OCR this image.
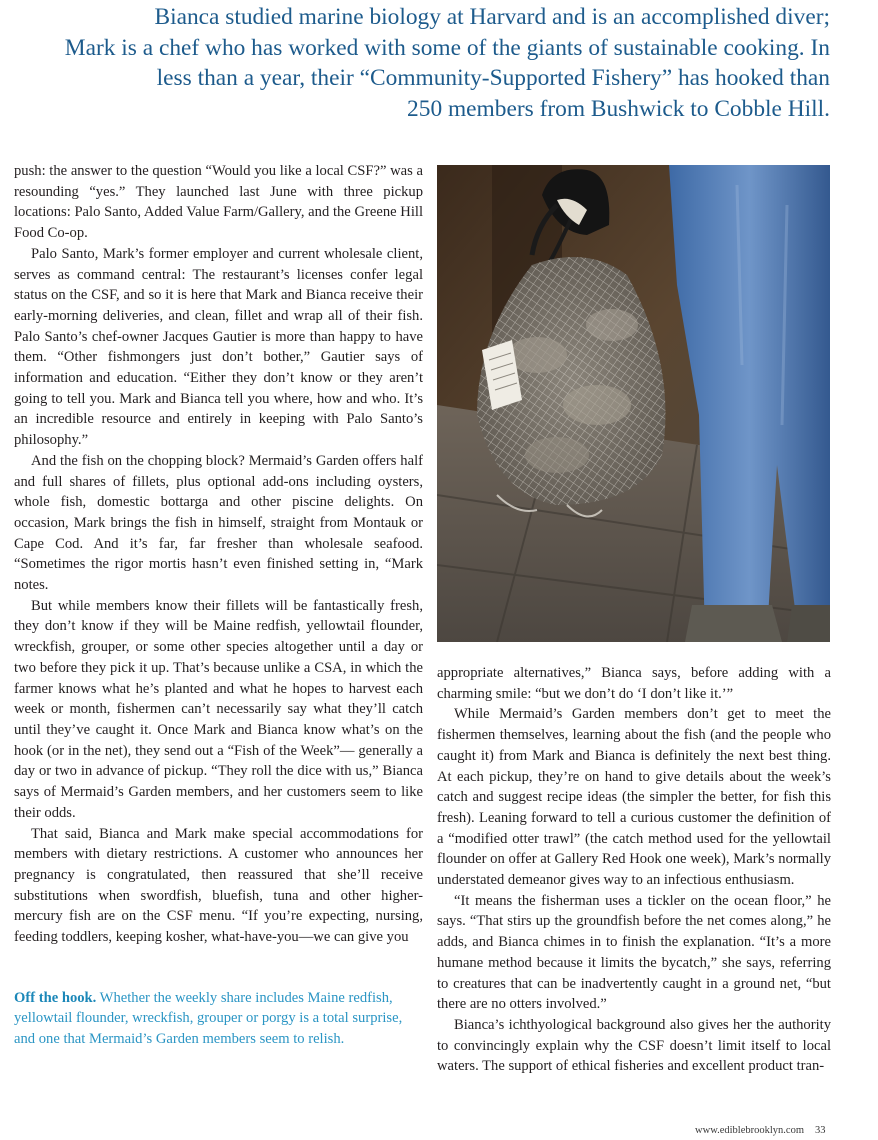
Bianca studied marine biology at Harvard and is an accomplished diver;
Mark is a chef who has worked with some of the giants of sustainable cooking. In
less than a year, their “Community-Supported Fishery” has hooked than
250 members from Bushwick to Cobble Hill.

push: the answer to the question “Would you like a local CSF?” was a resounding “yes.” They launched last June with three pickup locations: Palo Santo, Added Value Farm/Gallery, and the Greene Hill Food Co-op.

Palo Santo, Mark’s former employer and current wholesale client, serves as command central: The restaurant’s licenses confer legal status on the CSF, and so it is here that Mark and Bianca receive their early-morning deliveries, and clean, fillet and wrap all of their fish. Palo Santo’s chef-owner Jacques Gautier is more than happy to have them. “Other fishmongers just don’t bother,” Gautier says of information and education. “Either they don’t know or they aren’t going to tell you. Mark and Bianca tell you where, how and who. It’s an incredible resource and entirely in keeping with Palo Santo’s philosophy.”

And the fish on the chopping block? Mermaid’s Garden offers half and full shares of fillets, plus optional add-ons including oysters, whole fish, domestic bottarga and other piscine delights. On occasion, Mark brings the fish in himself, straight from Montauk or Cape Cod. And it’s far, far fresher than wholesale seafood. “Sometimes the rigor mortis hasn’t even finished setting in, “Mark notes.

But while members know their fillets will be fantastically fresh, they don’t know if they will be Maine redfish, yellowtail flounder, wreckfish, grouper, or some other species altogether until a day or two before they pick it up. That’s because unlike a CSA, in which the farmer knows what he’s planted and what he hopes to harvest each week or month, fishermen can’t necessarily say what they’ll catch until they’ve caught it. Once Mark and Bianca know what’s on the hook (or in the net), they send out a “Fish of the Week”— generally a day or two in advance of pickup. “They roll the dice with us,” Bianca says of Mermaid’s Garden members, and her customers seem to like their odds.

That said, Bianca and Mark make special accommodations for members with dietary restrictions. A customer who announces her pregnancy is congratulated, then reassured that she’ll receive substitutions when swordfish, bluefish, tuna and other higher-mercury fish are on the CSF menu. “If you’re expecting, nursing, feeding toddlers, keeping kosher, what-have-you—we can give you

Off the hook. Whether the weekly share includes Maine redfish, yellowtail flounder, wreckfish, grouper or porgy is a total surprise, and one that Mermaid’s Garden members seem to relish.

appropriate alternatives,” Bianca says, before adding with a charming smile: “but we don’t do ‘I don’t like it.’”

While Mermaid’s Garden members don’t get to meet the fishermen themselves, learning about the fish (and the people who caught it) from Mark and Bianca is definitely the next best thing. At each pickup, they’re on hand to give details about the week’s catch and suggest recipe ideas (the simpler the better, for fish this fresh). Leaning forward to tell a curious customer the definition of a “modified otter trawl” (the catch method used for the yellowtail flounder on offer at Gallery Red Hook one week), Mark’s normally understated demeanor gives way to an infectious enthusiasm.

“It means the fisherman uses a tickler on the ocean floor,” he says. “That stirs up the groundfish before the net comes along,” he adds, and Bianca chimes in to finish the explanation. “It’s a more humane method because it limits the bycatch,” she says, referring to creatures that can be inadvertently caught in a ground net, “but there are no otters involved.”

Bianca’s ichthyological background also gives her the authority to convincingly explain why the CSF doesn’t limit itself to local waters. The support of ethical fisheries and excellent product tran-

www.ediblebrooklyn.com 33
